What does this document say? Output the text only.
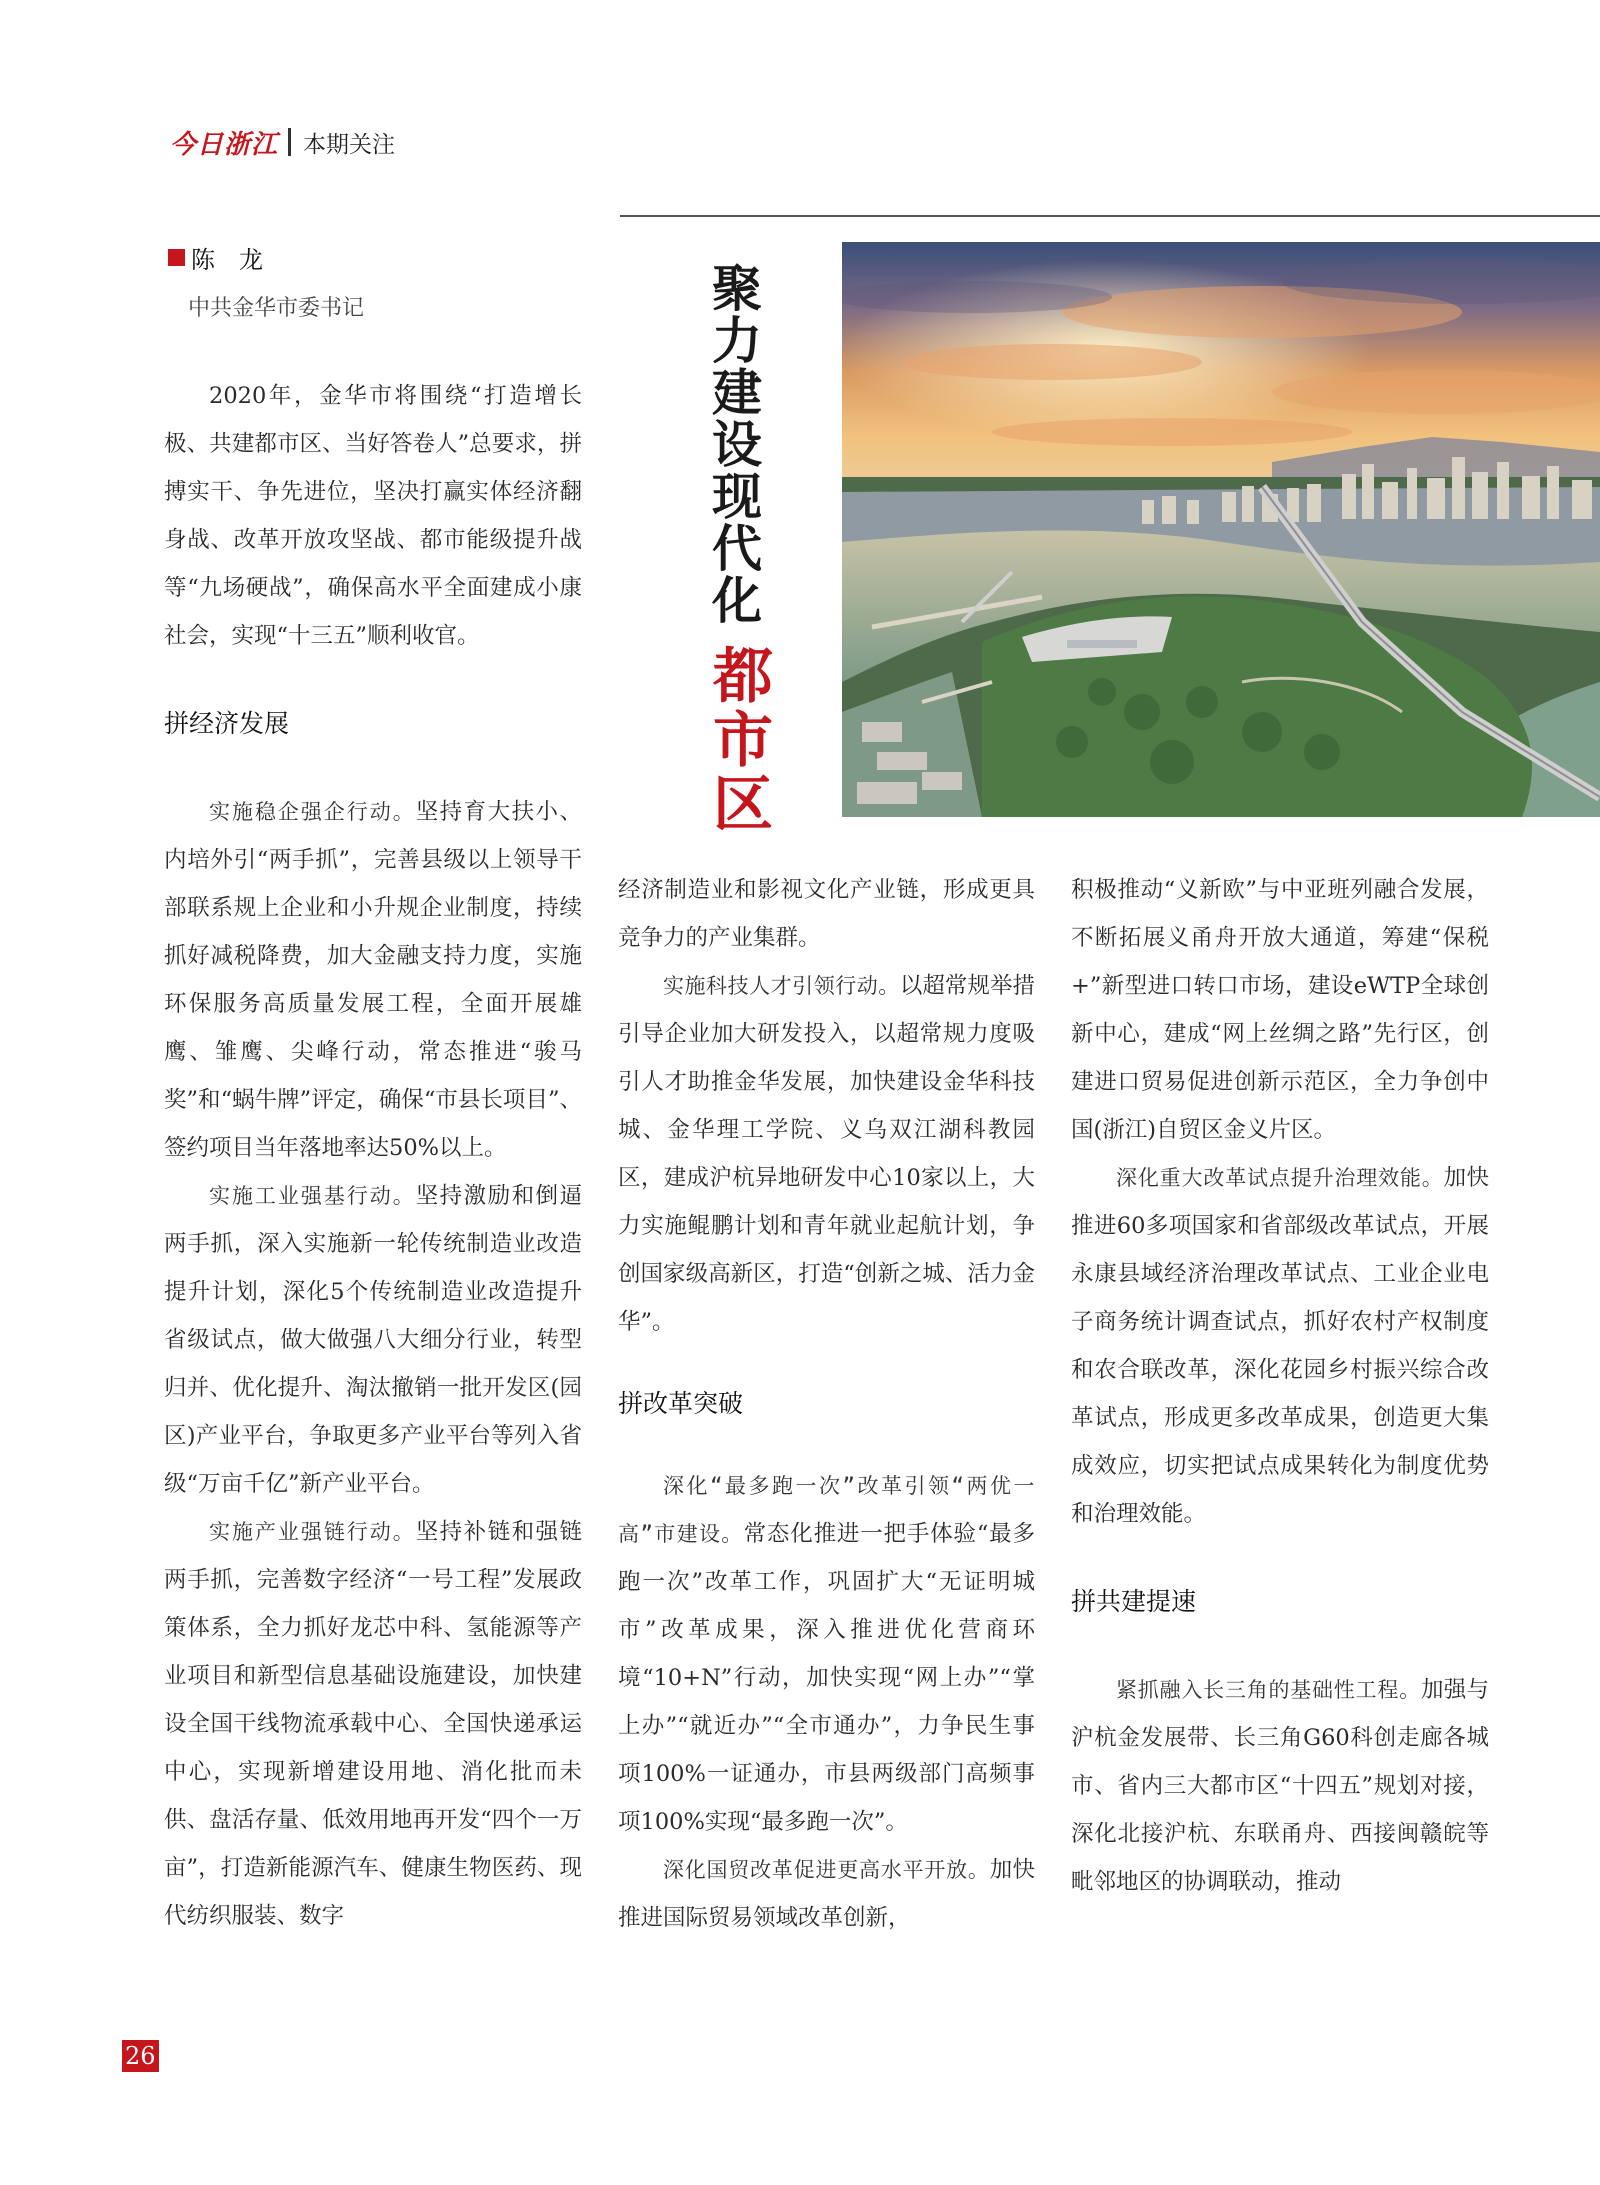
今日浙江 本期关注
陈　龙
中共金华市委书记	聚力建设现代化
都市区

2020年，金华市将围绕“打造增长极、共建都市区、当好答卷人”总要求，拼搏实干、争先进位，坚决打赢实体经济翻身战、改革开放攻坚战、都市能级提升战等“九场硬战”，确保高水平全面建成小康社会，实现“十三五”顺利收官。

拼经济发展

实施稳企强企行动。坚持育大扶小、内培外引“两手抓”，完善县级以上领导干部联系规上企业和小升规企业制度，持续抓好减税降费，加大金融支持力度，实施环保服务高质量发展工程，全面开展雄鹰、雏鹰、尖峰行动，常态推进“骏马奖”和“蜗牛牌”评定，确保“市县长项目”、签约项目当年落地率达50%以上。

实施工业强基行动。坚持激励和倒逼两手抓，深入实施新一轮传统制造业改造提升计划，深化5个传统制造业改造提升省级试点，做大做强八大细分行业，转型归并、优化提升、淘汰撤销一批开发区(园区)产业平台，争取更多产业平台等列入省级“万亩千亿”新产业平台。

实施产业强链行动。坚持补链和强链两手抓，完善数字经济“一号工程”发展政策体系，全力抓好龙芯中科、氢能源等产业项目和新型信息基础设施建设，加快建设全国干线物流承载中心、全国快递承运中心，实现新增建设用地、消化批而未供、盘活存量、低效用地再开发“四个一万亩”，打造新能源汽车、健康生物医药、现代纺织服装、数字

经济制造业和影视文化产业链，形成更具竞争力的产业集群。

实施科技人才引领行动。以超常规举措引导企业加大研发投入，以超常规力度吸引人才助推金华发展，加快建设金华科技城、金华理工学院、义乌双江湖科教园区，建成沪杭异地研发中心10家以上，大力实施鲲鹏计划和青年就业起航计划，争创国家级高新区，打造“创新之城、活力金华”。

拼改革突破

深化“最多跑一次”改革引领“两优一高”市建设。常态化推进一把手体验“最多跑一次”改革工作，巩固扩大“无证明城市”改革成果，深入推进优化营商环境“10+N”行动，加快实现“网上办”“掌上办”“就近办”“全市通办”，力争民生事项100%一证通办，市县两级部门高频事项100%实现“最多跑一次”。

深化国贸改革促进更高水平开放。加快推进国际贸易领域改革创新，

积极推动“义新欧”与中亚班列融合发展，不断拓展义甬舟开放大通道，筹建“保税+”新型进口转口市场，建设eWTP全球创新中心，建成“网上丝绸之路”先行区，创建进口贸易促进创新示范区，全力争创中国(浙江)自贸区金义片区。

深化重大改革试点提升治理效能。加快推进60多项国家和省部级改革试点，开展永康县域经济治理改革试点、工业企业电子商务统计调查试点，抓好农村产权制度和农合联改革，深化花园乡村振兴综合改革试点，形成更多改革成果，创造更大集成效应，切实把试点成果转化为制度优势和治理效能。

拼共建提速

紧抓融入长三角的基础性工程。加强与沪杭金发展带、长三角G60科创走廊各城市、省内三大都市区“十四五”规划对接，深化北接沪杭、东联甬舟、西接闽赣皖等毗邻地区的协调联动，推动

26
